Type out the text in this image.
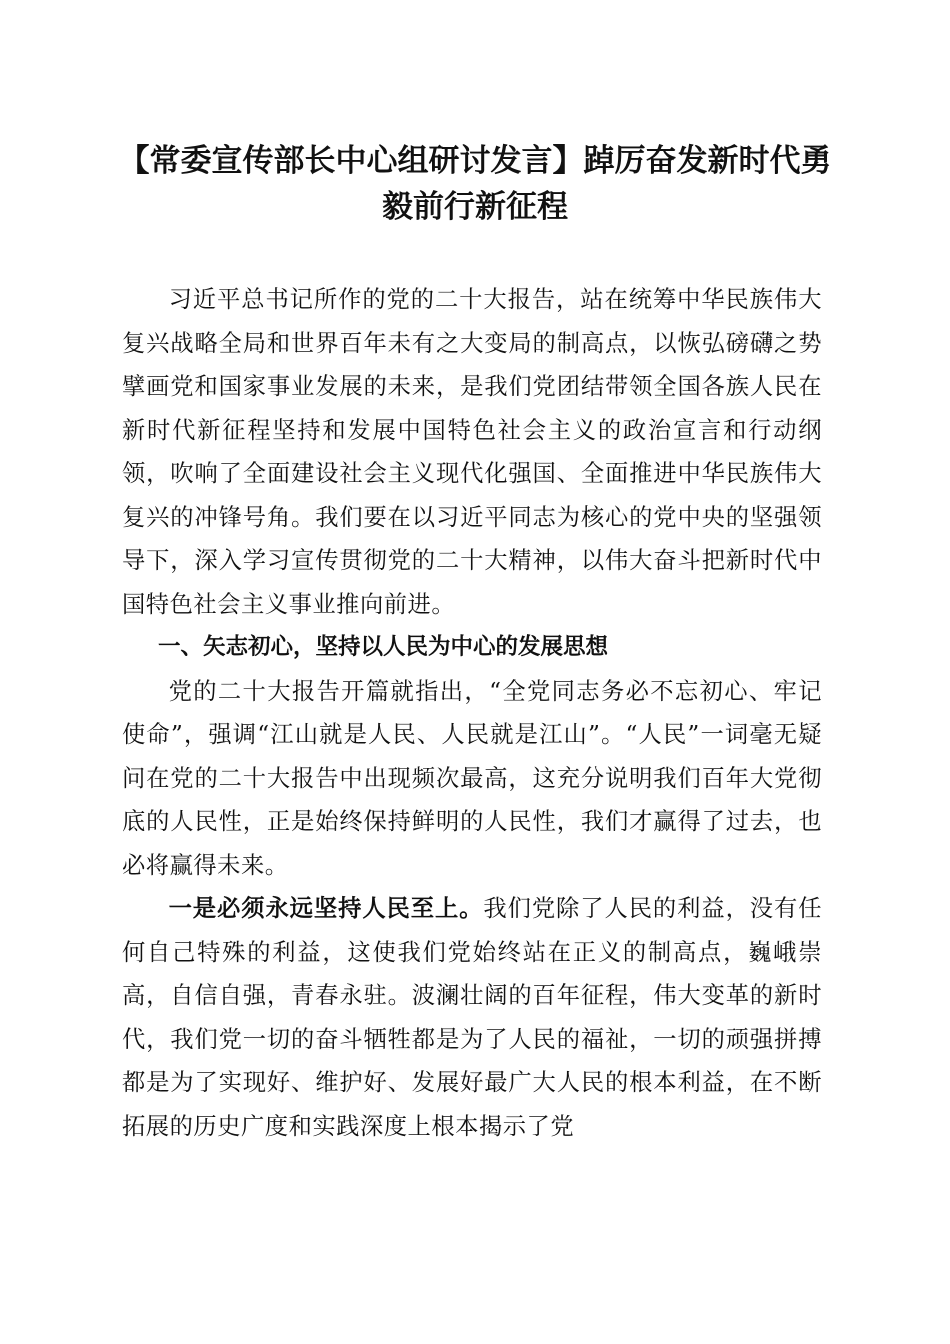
【常委宣传部长中心组研讨发言】踔厉奋发新时代勇毅前行新征程

习近平总书记所作的党的二十大报告，站在统筹中华民族伟大复兴战略全局和世界百年未有之大变局的制高点，以恢弘磅礴之势擘画党和国家事业发展的未来，是我们党团结带领全国各族人民在新时代新征程坚持和发展中国特色社会主义的政治宣言和行动纲领，吹响了全面建设社会主义现代化强国、全面推进中华民族伟大复兴的冲锋号角。我们要在以习近平同志为核心的党中央的坚强领导下，深入学习宣传贯彻党的二十大精神，以伟大奋斗把新时代中国特色社会主义事业推向前进。

一、矢志初心，坚持以人民为中心的发展思想

党的二十大报告开篇就指出，“全党同志务必不忘初心、牢记使命”，强调“江山就是人民、人民就是江山”。“人民”一词毫无疑问在党的二十大报告中出现频次最高，这充分说明我们百年大党彻底的人民性，正是始终保持鲜明的人民性，我们才赢得了过去，也必将赢得未来。

一是必须永远坚持人民至上。我们党除了人民的利益，没有任何自己特殊的利益，这使我们党始终站在正义的制高点，巍峨崇高，自信自强，青春永驻。波澜壮阔的百年征程，伟大变革的新时代，我们党一切的奋斗牺牲都是为了人民的福祉，一切的顽强拼搏都是为了实现好、维护好、发展好最广大人民的根本利益，在不断拓展的历史广度和实践深度上根本揭示了党
